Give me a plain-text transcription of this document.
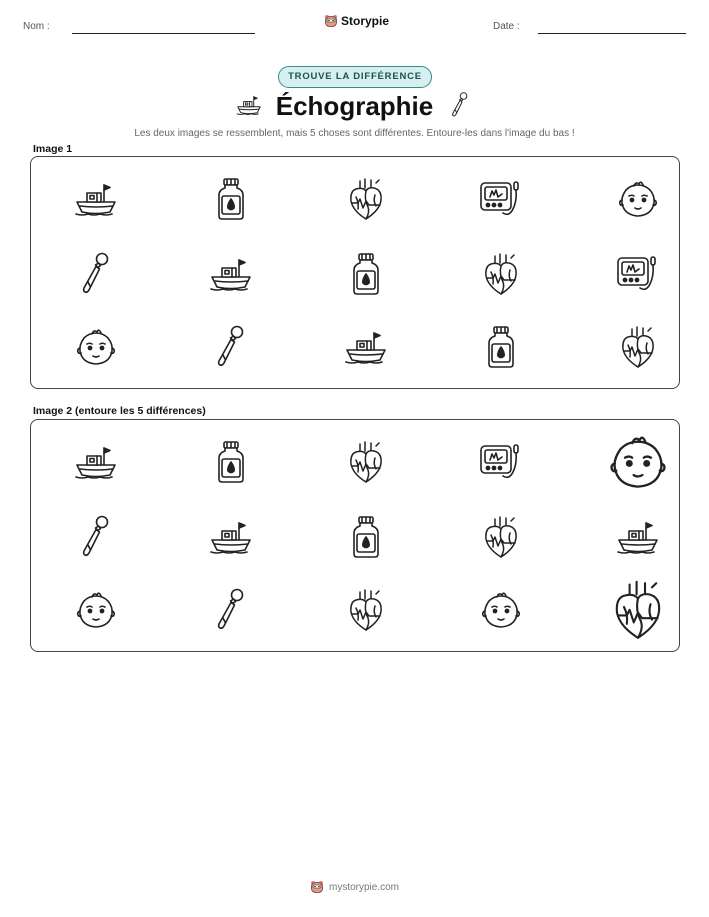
Nom :	Storypie	Date :
TROUVE LA DIFFÉRENCE
Échographie
Les deux images se ressemblent, mais 5 choses sont différentes. Entoure-les dans l'image du bas !
Image 1
Image 2 (entoure les 5 différences)
mystorypie.com
